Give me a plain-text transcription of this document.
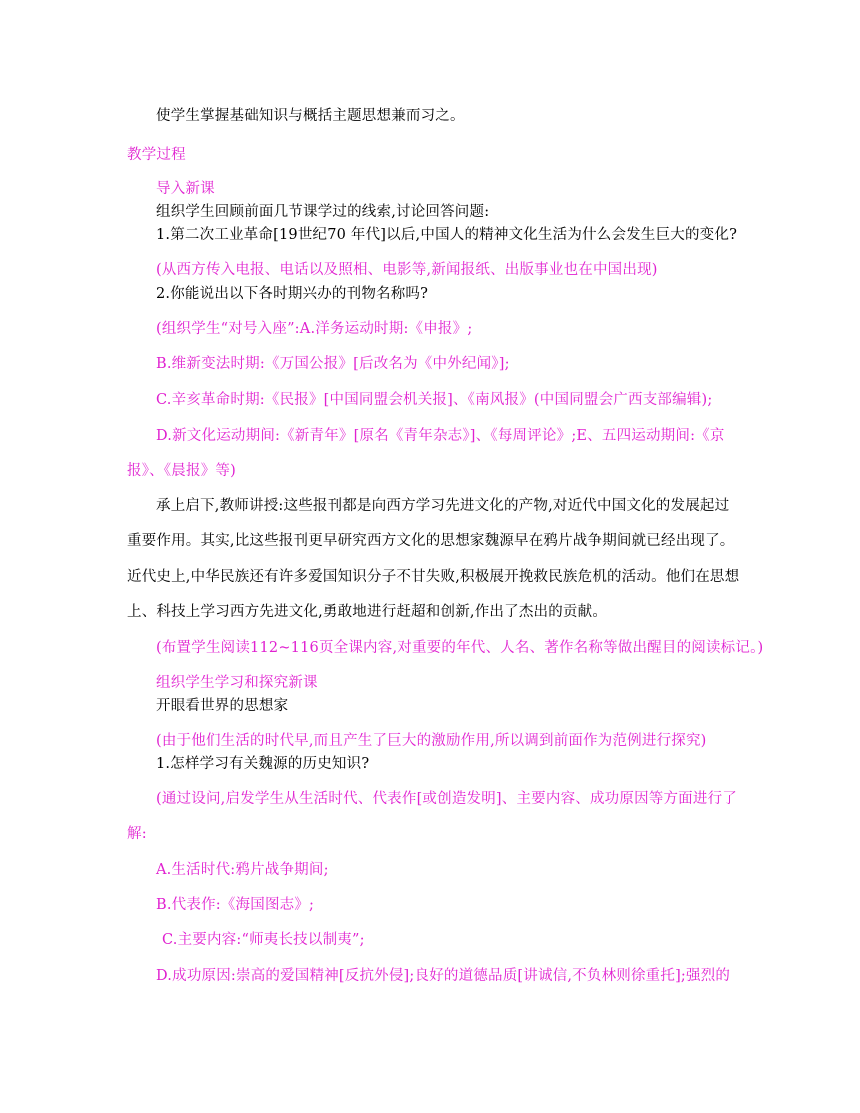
使学生掌握基础知识与概括主题思想兼而习之。
教学过程
导入新课
组织学生回顾前面几节课学过的线索,讨论回答问题:
1.第二次工业革命[19世纪70 年代]以后,中国人的精神文化生活为什么会发生巨大的变化?
(从西方传入电报、电话以及照相、电影等,新闻报纸、出版事业也在中国出现)
2.你能说出以下各时期兴办的刊物名称吗?
(组织学生“对号入座”:A.洋务运动时期:《申报》;
B.维新变法时期:《万国公报》[后改名为《中外纪闻》];
C.辛亥革命时期:《民报》[中国同盟会机关报]、《南风报》(中国同盟会广西支部编辑);
D.新文化运动期间:《新青年》[原名《青年杂志》]、《每周评论》;E、五四运动期间:《京
报》、《晨报》等)
承上启下,教师讲授:这些报刊都是向西方学习先进文化的产物,对近代中国文化的发展起过
重要作用。其实,比这些报刊更早研究西方文化的思想家魏源早在鸦片战争期间就已经出现了。
近代史上,中华民族还有许多爱国知识分子不甘失败,积极展开挽救民族危机的活动。他们在思想
上、科技上学习西方先进文化,勇敢地进行赶超和创新,作出了杰出的贡献。
(布置学生阅读112~116页全课内容,对重要的年代、人名、著作名称等做出醒目的阅读标记。)
组织学生学习和探究新课
开眼看世界的思想家
(由于他们生活的时代早,而且产生了巨大的激励作用,所以调到前面作为范例进行探究)
1.怎样学习有关魏源的历史知识?
(通过设问,启发学生从生活时代、代表作[或创造发明]、主要内容、成功原因等方面进行了
解:
A.生活时代:鸦片战争期间;
B.代表作:《海国图志》;
C.主要内容:“师夷长技以制夷”;
D.成功原因:崇高的爱国精神[反抗外侵];良好的道德品质[讲诚信,不负林则徐重托];强烈的
